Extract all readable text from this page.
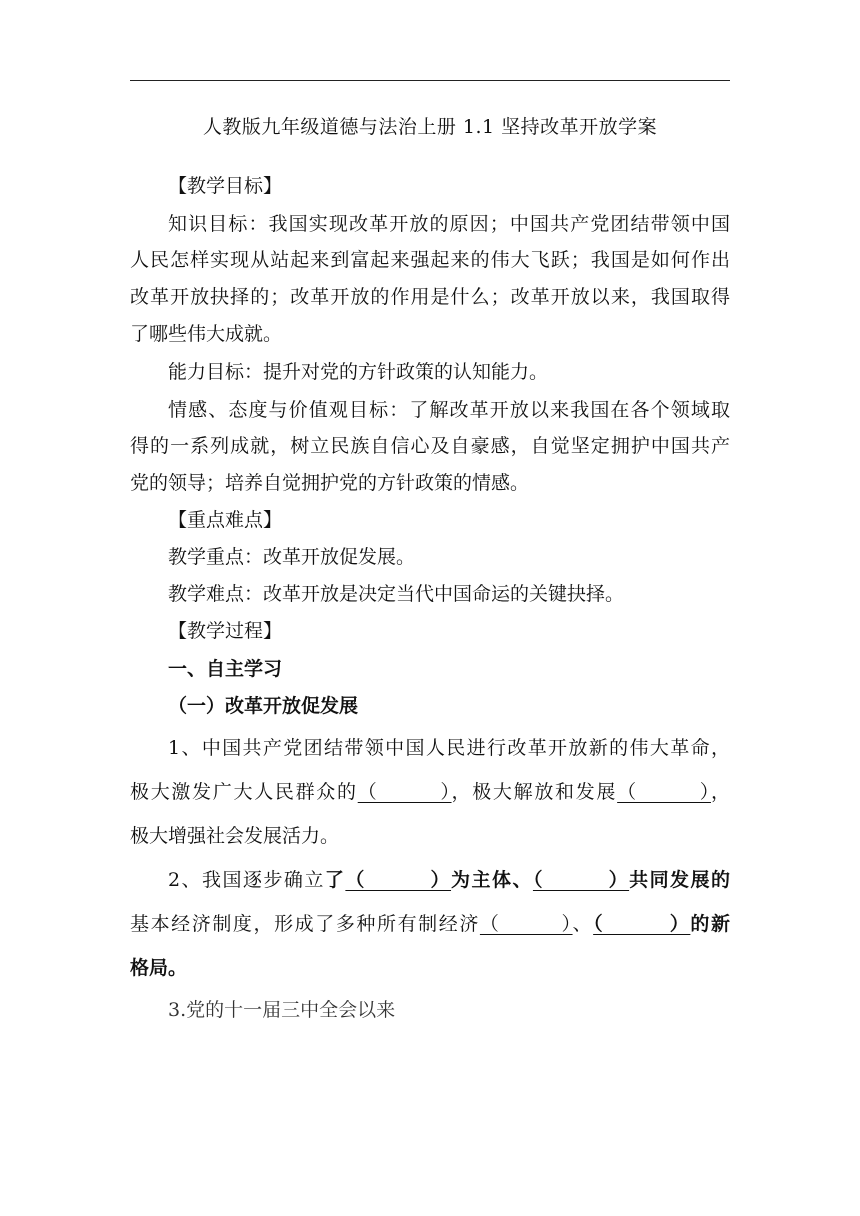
人教版九年级道德与法治上册 1.1 坚持改革开放学案
【教学目标】
知识目标：我国实现改革开放的原因；中国共产党团结带领中国
人民怎样实现从站起来到富起来强起来的伟大飞跃；我国是如何作出
改革开放抉择的；改革开放的作用是什么；改革开放以来，我国取得
了哪些伟大成就。
能力目标：提升对党的方针政策的认知能力。
情感、态度与价值观目标：了解改革开放以来我国在各个领域取
得的一系列成就，树立民族自信心及自豪感，自觉坚定拥护中国共产
党的领导；培养自觉拥护党的方针政策的情感。
【重点难点】
教学重点：改革开放促发展。
教学难点：改革开放是决定当代中国命运的关键抉择。
【教学过程】
一、自主学习
（一）改革开放促发展
1、中国共产党团结带领中国人民进行改革开放新的伟大革命，
极大激发广大人民群众的（        ），极大解放和发展（        ），
极大增强社会发展活力。
2、我国逐步确立了（        ）为主体、（        ）共同发展的
基本经济制度，形成了多种所有制经济（        ）、（        ）的新
格局。
3.党的十一届三中全会以来
